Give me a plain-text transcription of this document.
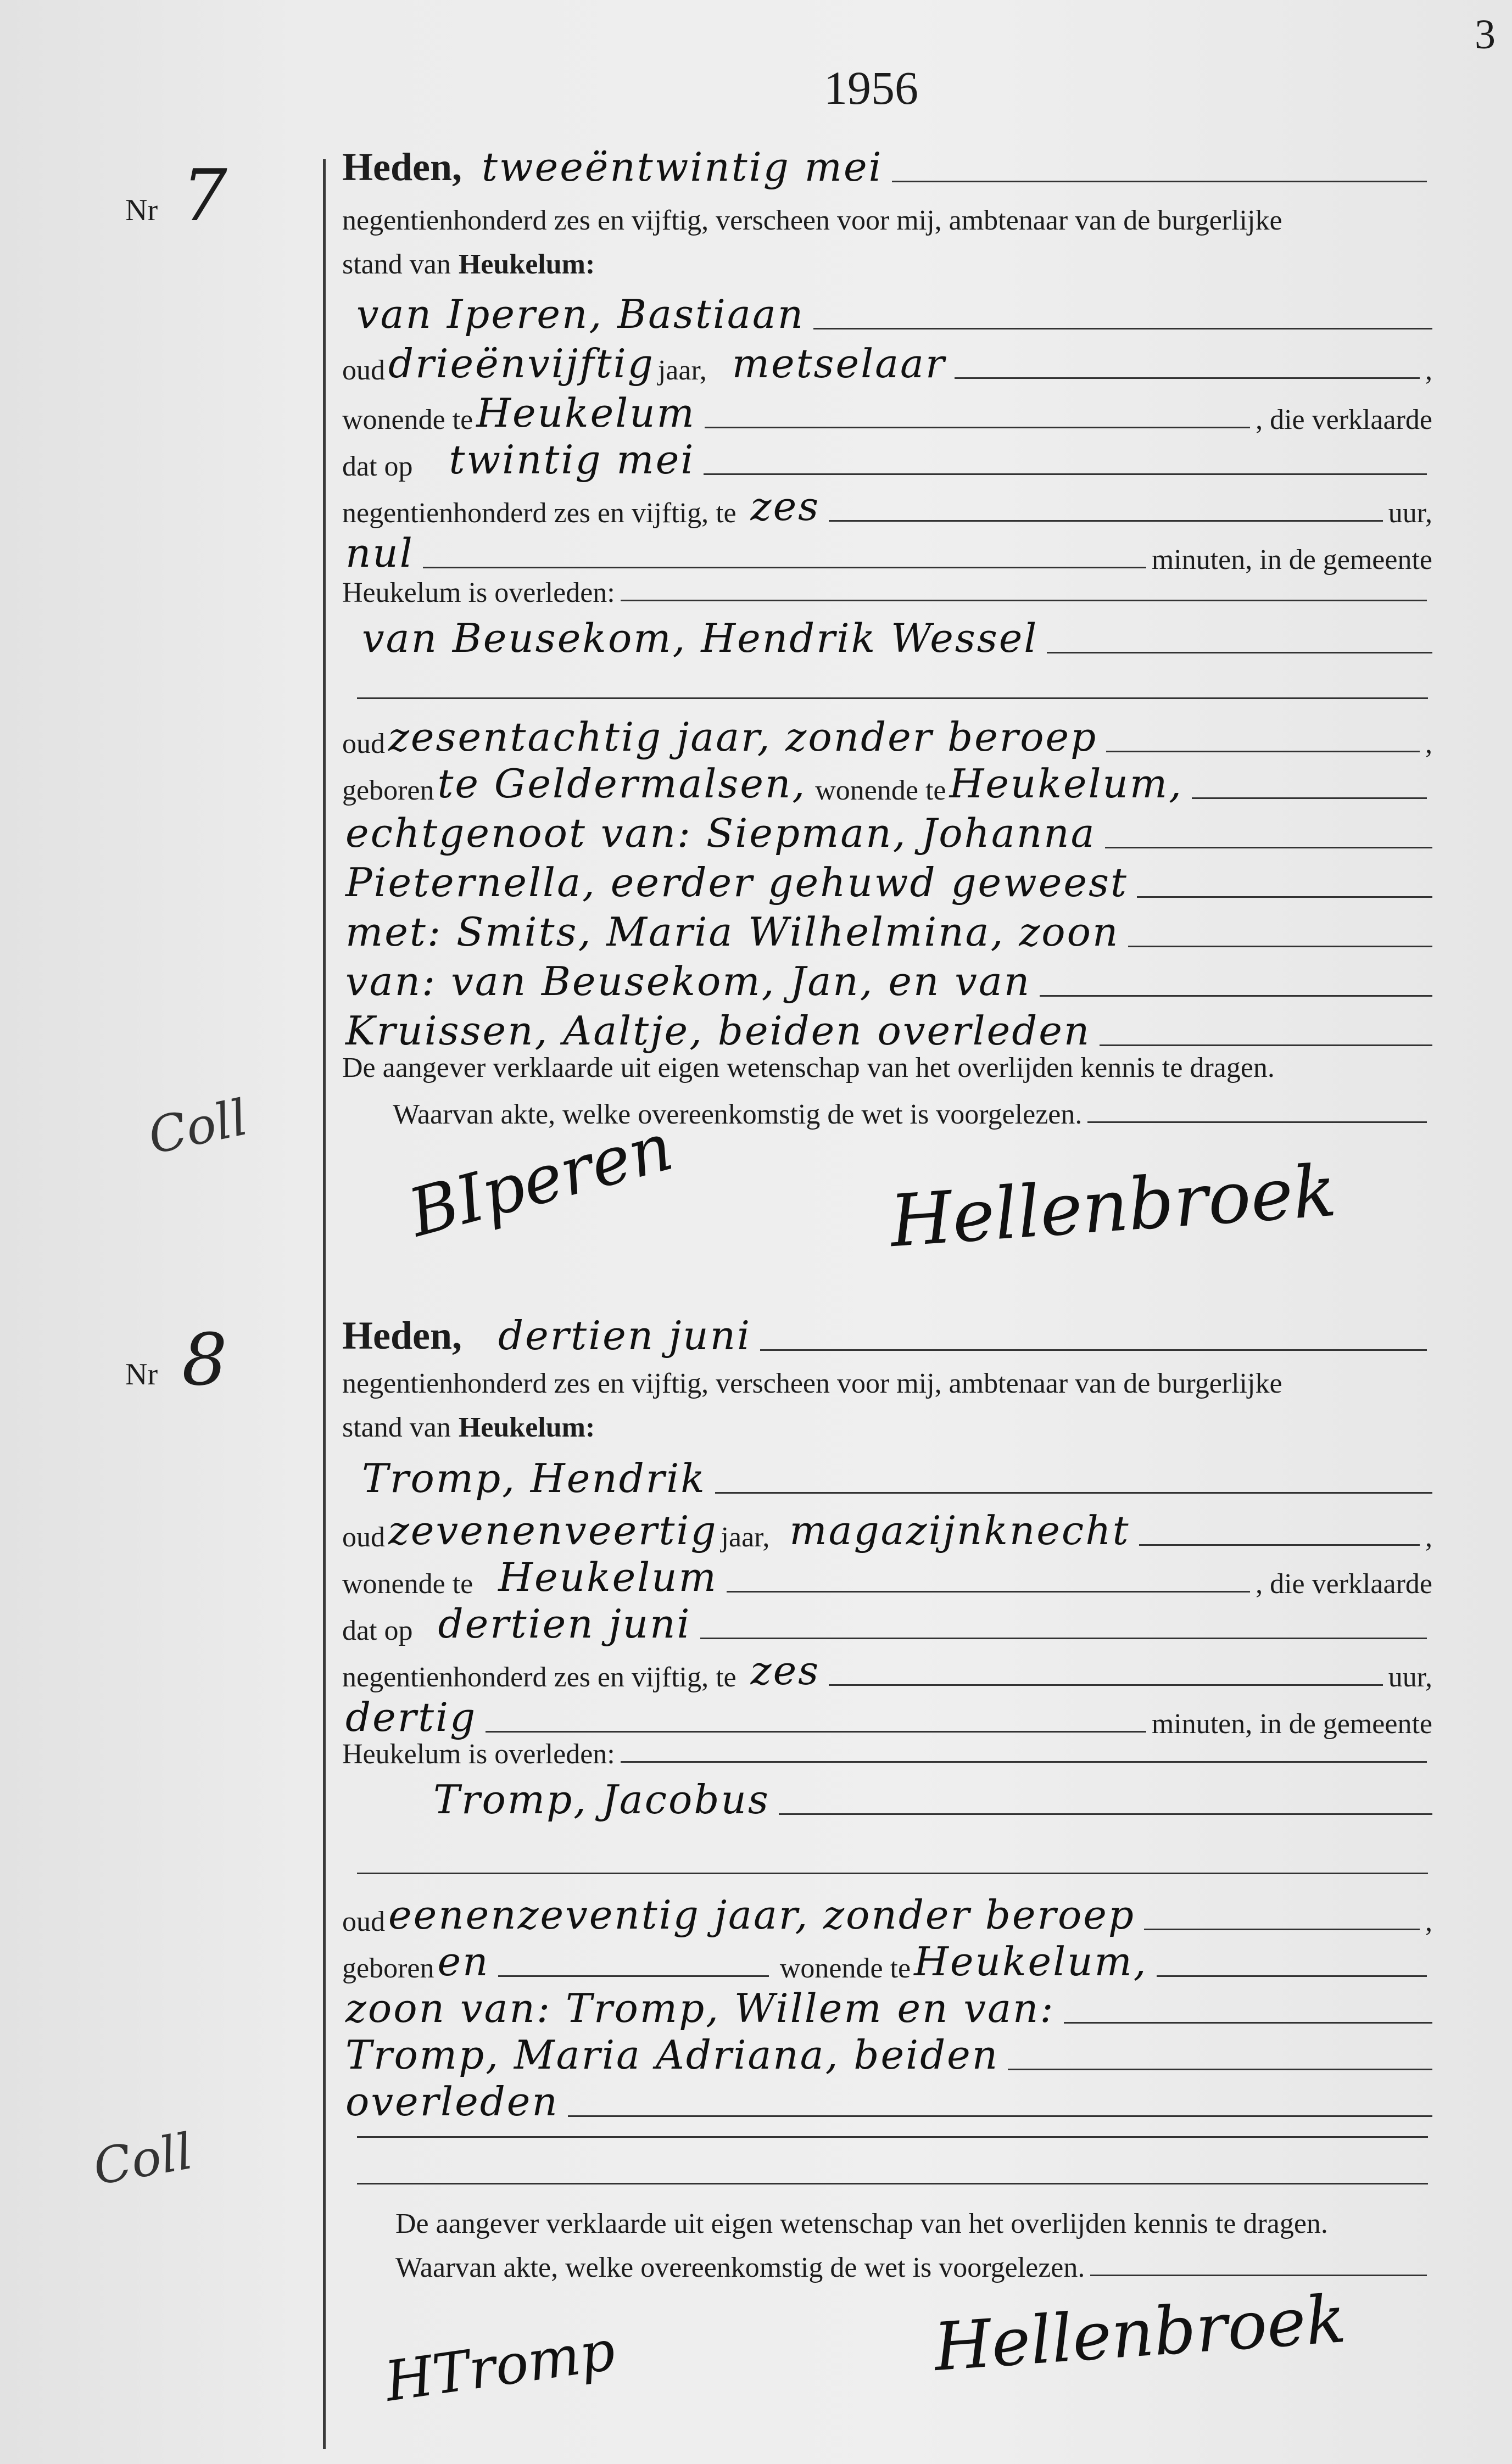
3
1956
Nr 7
Coll
Heden, tweeëntwintig mei
negentienhonderd zes en vijftig, verscheen voor mij, ambtenaar van de burgerlijke
stand van Heukelum:
van Iperen, Bastiaan
oud drieënvijftig jaar, metselaar	,
wonende te Heukelum	, die verklaarde
dat op twintig mei
negentienhonderd zes en vijftig, te zes	uur,
nul	minuten, in de gemeente
Heukelum is overleden:
van Beusekom, Hendrik Wessel
oud zesentachtig jaar, zonder beroep	,
geboren te Geldermalsen, wonende te Heukelum,
echtgenoot van: Siepman, Johanna
Pieternella, eerder gehuwd geweest
met: Smits, Maria Wilhelmina, zoon
van: van Beusekom, Jan, en van
Kruissen, Aaltje, beiden overleden
De aangever verklaarde uit eigen wetenschap van het overlijden kennis te dragen.
Waarvan akte, welke overeenkomstig de wet is voorgelezen.
BIperen	Hellenbroek
Nr 8
Coll
Heden, dertien juni
negentienhonderd zes en vijftig, verscheen voor mij, ambtenaar van de burgerlijke
stand van Heukelum:
Tromp, Hendrik
oud zevenenveertig jaar, magazijnknecht	,
wonende te Heukelum	, die verklaarde
dat op dertien juni
negentienhonderd zes en vijftig, te zes	uur,
dertig	minuten, in de gemeente
Heukelum is overleden:
Tromp, Jacobus
oud eenenzeventig jaar, zonder beroep	,
geboren en	wonende te Heukelum,
zoon van: Tromp, Willem en van:
Tromp, Maria Adriana, beiden
overleden
De aangever verklaarde uit eigen wetenschap van het overlijden kennis te dragen.
Waarvan akte, welke overeenkomstig de wet is voorgelezen.
HTromp	Hellenbroek
